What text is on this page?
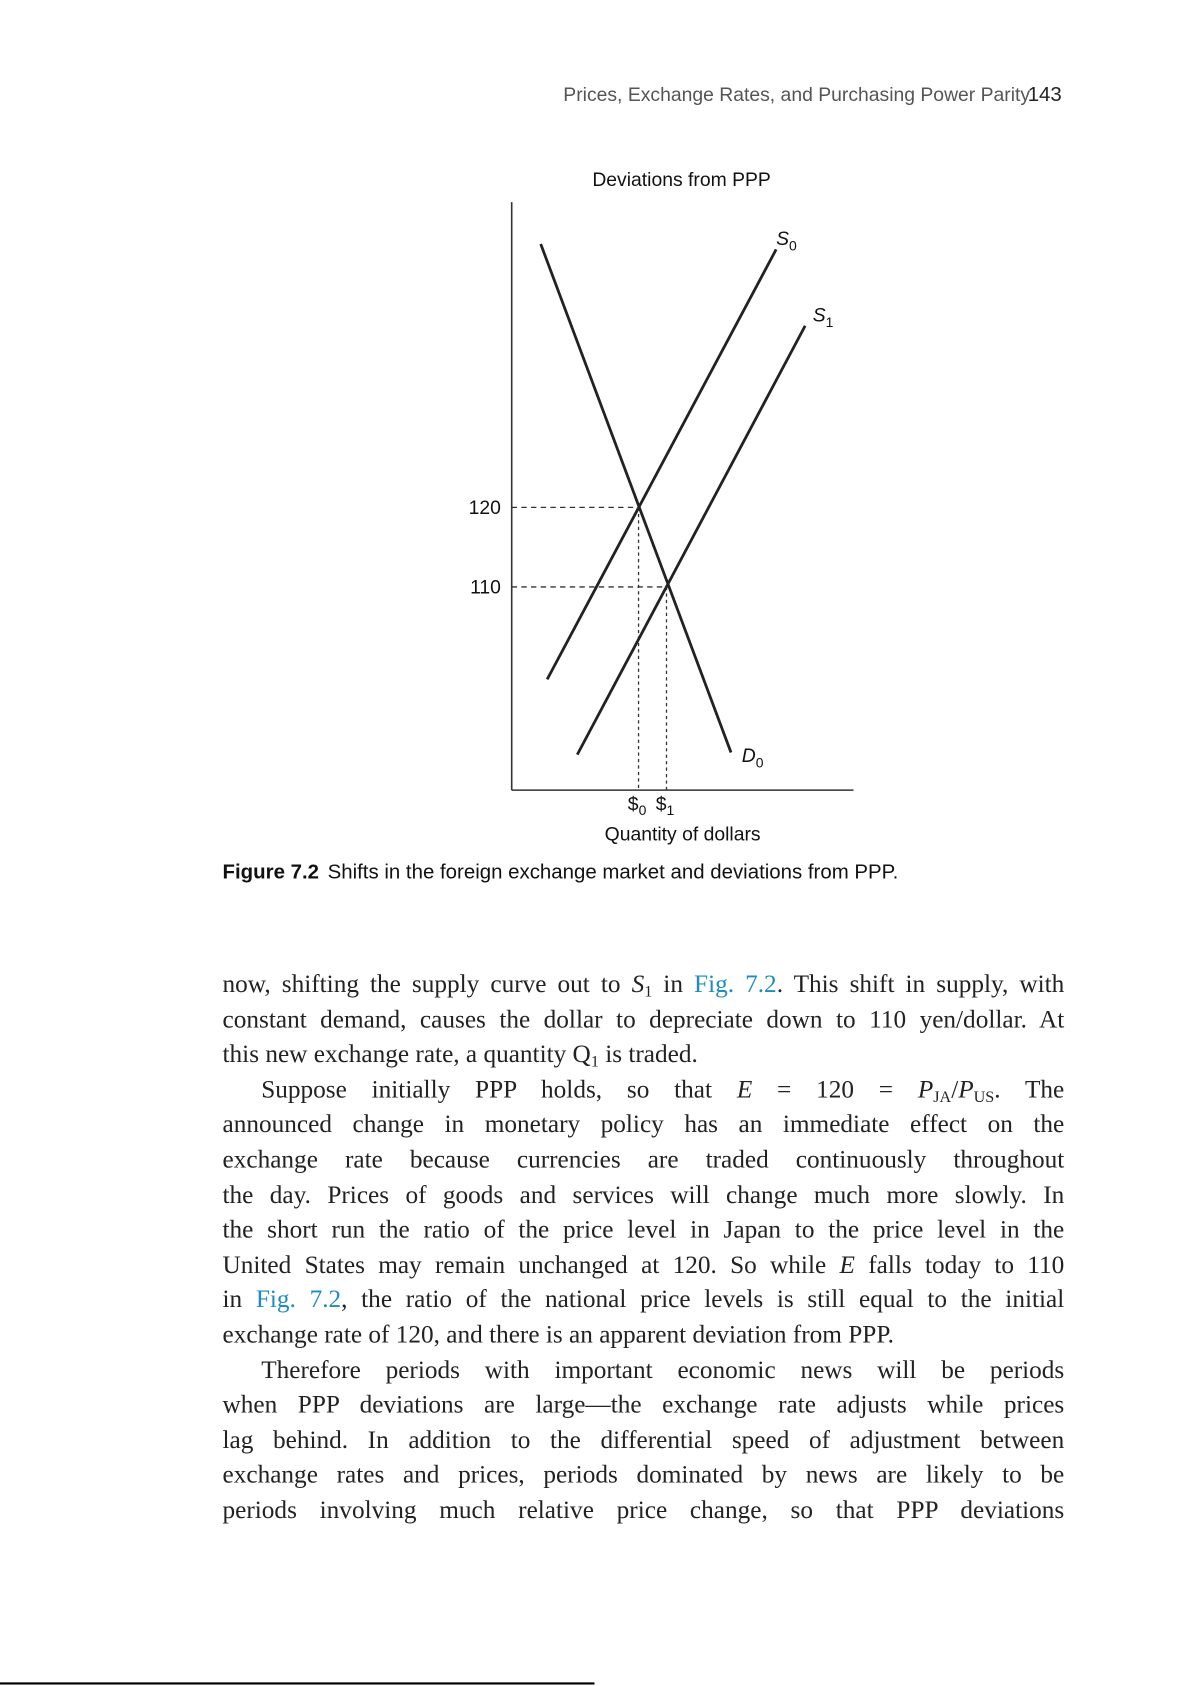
Prices, Exchange Rates, and Purchasing Power Parity
143
Deviations from PPP
120
110
$S_0$
$S_1$
$D_0$
$\$_0$ $\$_1$
Quantity of dollars
Figure 7.2 Shifts in the foreign exchange market and deviations from PPP.
now, shifting the supply curve out to $S_1$ in Fig. 7.2. This shift in supply, with
constant demand, causes the dollar to depreciate down to 110 yen/dollar. At
this new exchange rate, a quantity $Q_1$ is traded.
Suppose initially PPP holds, so that $E = 120 = P_{JA}/P_{US}$. The
announced change in monetary policy has an immediate effect on the
exchange rate because currencies are traded continuously throughout
the day. Prices of goods and services will change much more slowly. In
the short run the ratio of the price level in Japan to the price level in the
United States may remain unchanged at 120. So while E falls today to 110
in Fig. 7.2, the ratio of the national price levels is still equal to the initial
exchange rate of 120, and there is an apparent deviation from PPP.
Therefore periods with important economic news will be periods
when PPP deviations are large—the exchange rate adjusts while prices
lag behind. In addition to the differential speed of adjustment between
exchange rates and prices, periods dominated by news are likely to be
periods involving much relative price change, so that PPP deviations
